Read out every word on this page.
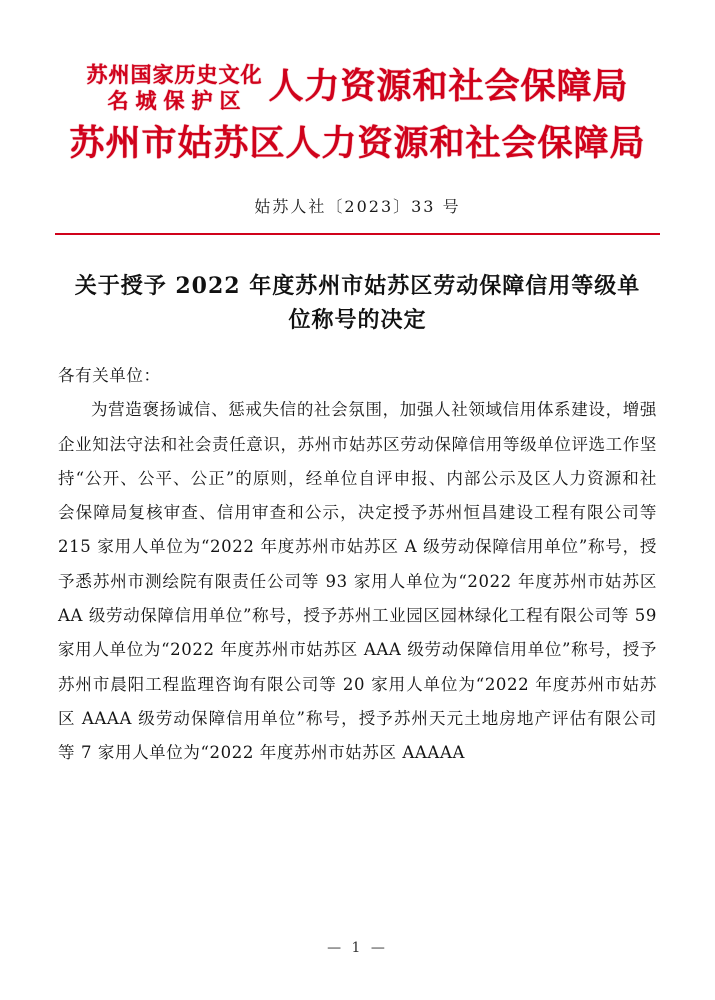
苏州国家历史文化
名城保护区 人力资源和社会保障局
苏州市姑苏区人力资源和社会保障局
姑苏人社〔2023〕33 号
关于授予 2022 年度苏州市姑苏区劳动保障信用等级单位称号的决定

各有关单位：

为营造褒扬诚信、惩戒失信的社会氛围，加强人社领域信用体系建设，增强企业知法守法和社会责任意识，苏州市姑苏区劳动保障信用等级单位评选工作坚持“公开、公平、公正”的原则，经单位自评申报、内部公示及区人力资源和社会保障局复核审查、信用审查和公示，决定授予苏州恒昌建设工程有限公司等 215 家用人单位为“2022 年度苏州市姑苏区 A 级劳动保障信用单位”称号，授予悉苏州市测绘院有限责任公司等 93 家用人单位为“2022 年度苏州市姑苏区 AA 级劳动保障信用单位”称号，授予苏州工业园区园林绿化工程有限公司等 59 家用人单位为“2022 年度苏州市姑苏区 AAA 级劳动保障信用单位”称号，授予苏州市晨阳工程监理咨询有限公司等 20 家用人单位为“2022 年度苏州市姑苏区 AAAA 级劳动保障信用单位”称号，授予苏州天元土地房地产评估有限公司等 7 家用人单位为“2022 年度苏州市姑苏区 AAAAA

— 1 —
